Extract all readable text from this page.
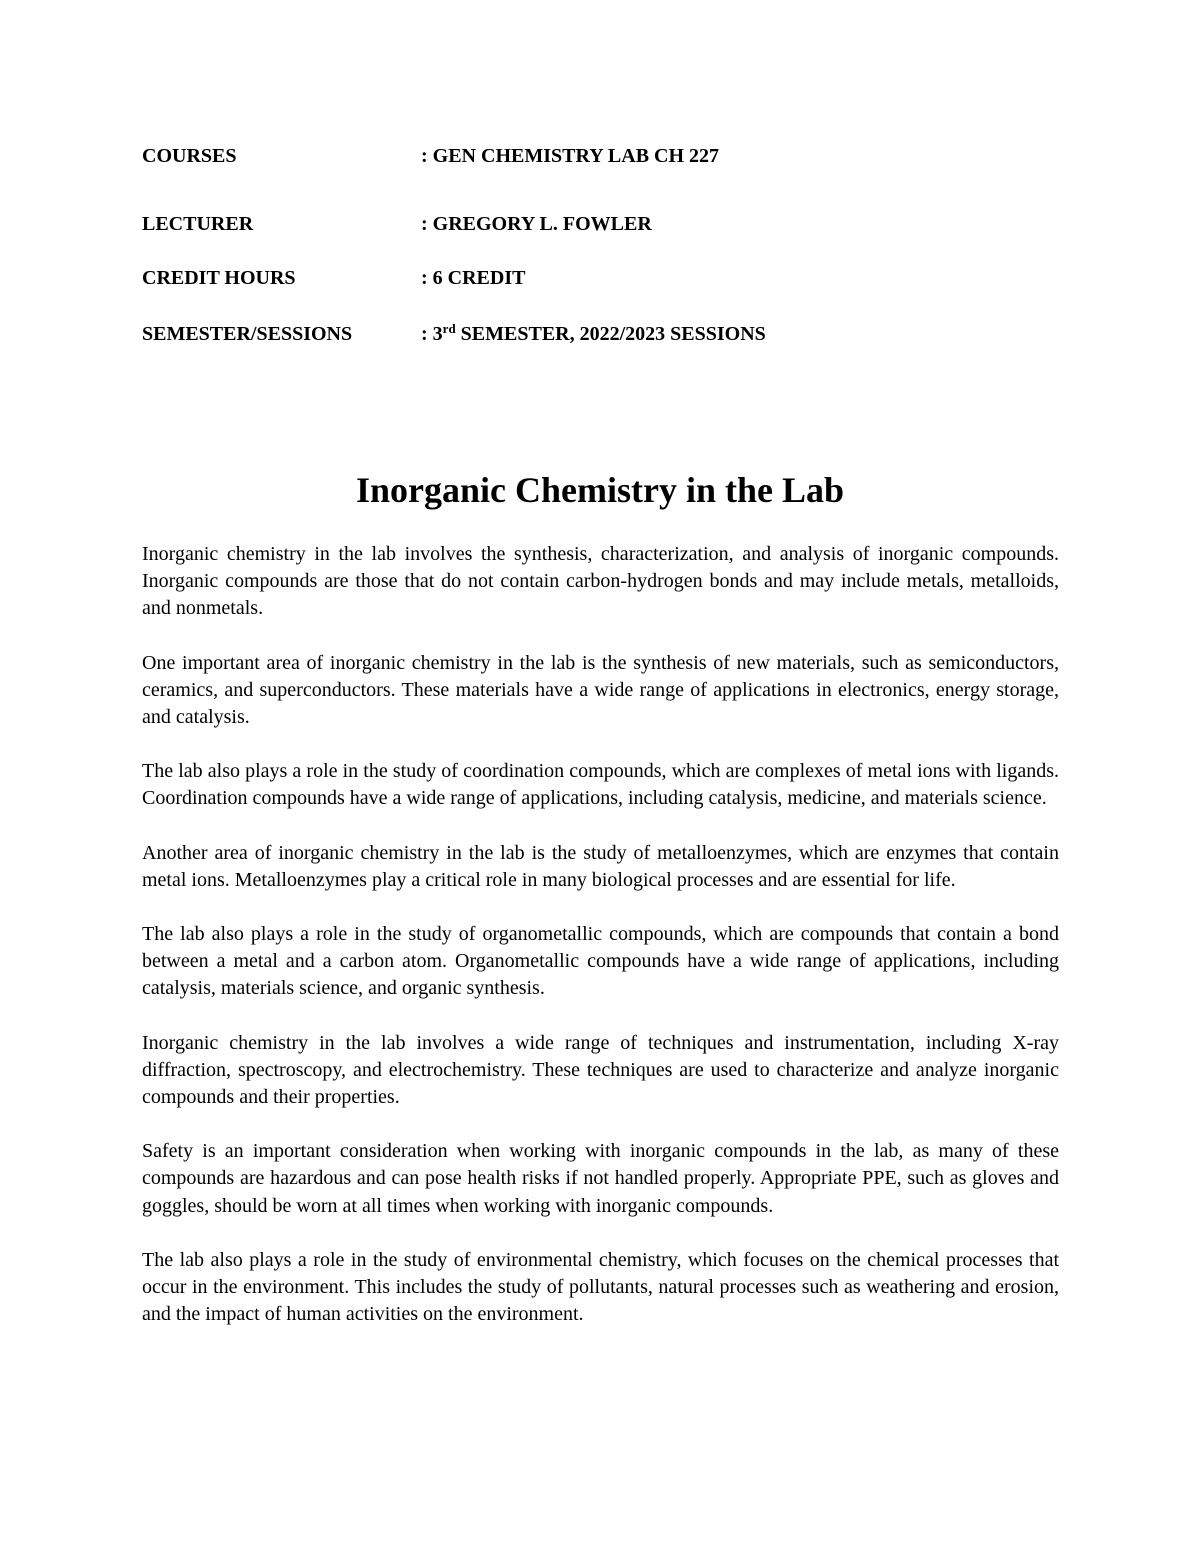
COURSES	: GEN CHEMISTRY LAB CH 227
LECTURER	: GREGORY L. FOWLER
CREDIT HOURS	: 6 CREDIT
SEMESTER/SESSIONS	: 3rd SEMESTER, 2022/2023 SESSIONS
Inorganic Chemistry in the Lab

Inorganic chemistry in the lab involves the synthesis, characterization, and analysis of inorganic compounds. Inorganic compounds are those that do not contain carbon-hydrogen bonds and may include metals, metalloids, and nonmetals.

One important area of inorganic chemistry in the lab is the synthesis of new materials, such as semiconductors, ceramics, and superconductors. These materials have a wide range of applications in electronics, energy storage, and catalysis.

The lab also plays a role in the study of coordination compounds, which are complexes of metal ions with ligands. Coordination compounds have a wide range of applications, including catalysis, medicine, and materials science.

Another area of inorganic chemistry in the lab is the study of metalloenzymes, which are enzymes that contain metal ions. Metalloenzymes play a critical role in many biological processes and are essential for life.

The lab also plays a role in the study of organometallic compounds, which are compounds that contain a bond between a metal and a carbon atom. Organometallic compounds have a wide range of applications, including catalysis, materials science, and organic synthesis.

Inorganic chemistry in the lab involves a wide range of techniques and instrumentation, including X-ray diffraction, spectroscopy, and electrochemistry. These techniques are used to characterize and analyze inorganic compounds and their properties.

Safety is an important consideration when working with inorganic compounds in the lab, as many of these compounds are hazardous and can pose health risks if not handled properly. Appropriate PPE, such as gloves and goggles, should be worn at all times when working with inorganic compounds.

The lab also plays a role in the study of environmental chemistry, which focuses on the chemical processes that occur in the environment. This includes the study of pollutants, natural processes such as weathering and erosion, and the impact of human activities on the environment.
